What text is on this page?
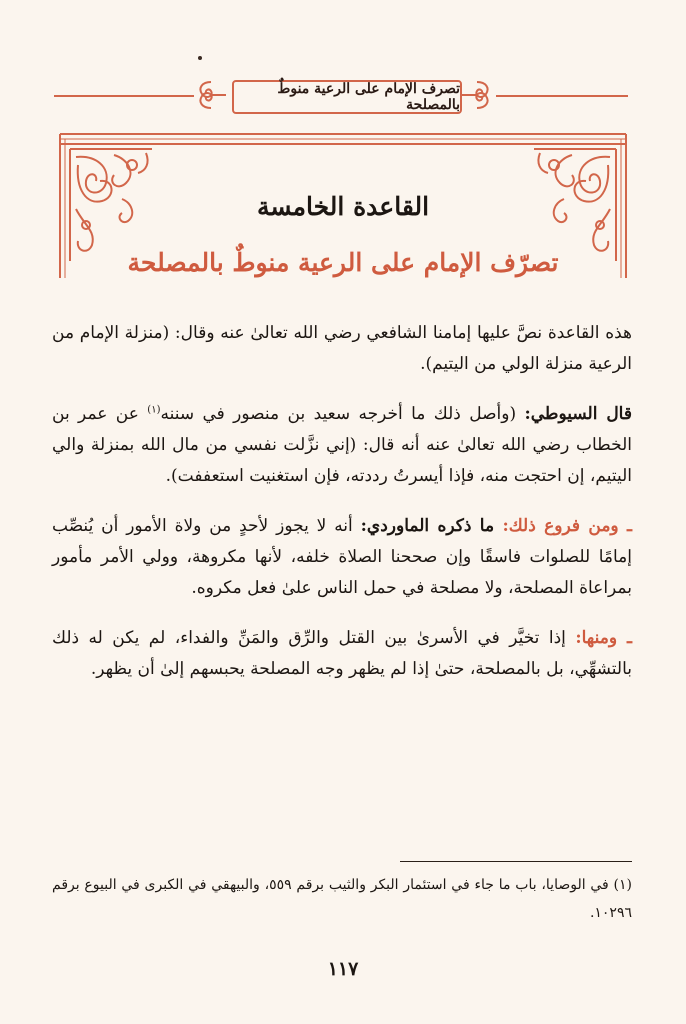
تصرف الإمام على الرعية منوطٌ بالمصلحة
القاعدة الخامسة
تصرّف الإمام على الرعية منوطٌ بالمصلحة

هذه القاعدة نصَّ عليها إمامنا الشافعي رضي الله تعالىٰ عنه وقال: (منزلة الإمام من الرعية منزلة الولي من اليتيم).

قال السيوطي: (وأصل ذلك ما أخرجه سعيد بن منصور في سننه$^{(١)}$ عن عمر بن الخطاب رضي الله تعالىٰ عنه أنه قال: (إني نزَّلت نفسي من مال الله بمنزلة والي اليتيم، إن احتجت منه، فإذا أيسرتُ رددته، فإن استغنيت استعففت).

ـ ومن فروع ذلك: ما ذكره الماوردي: أنه لا يجوز لأحدٍ من ولاة الأمور أن يُنصِّب إمامًا للصلوات فاسقًا وإن صححنا الصلاة خلفه، لأنها مكروهة، وولي الأمر مأمور بمراعاة المصلحة، ولا مصلحة في حمل الناس علىٰ فعل مكروه.

ـ ومنها: إذا تخيَّر في الأسرىٰ بين القتل والرِّق والمَنِّ والفداء، لم يكن له ذلك بالتشهِّي، بل بالمصلحة، حتىٰ إذا لم يظهر وجه المصلحة يحبسهم إلىٰ أن يظهر.

(١) في الوصايا، باب ما جاء في استئمار البكر والثيب برقم ٥٥٩، والبيهقي في الكبرى في البيوع برقم ١٠٢٩٦.
١١٧
